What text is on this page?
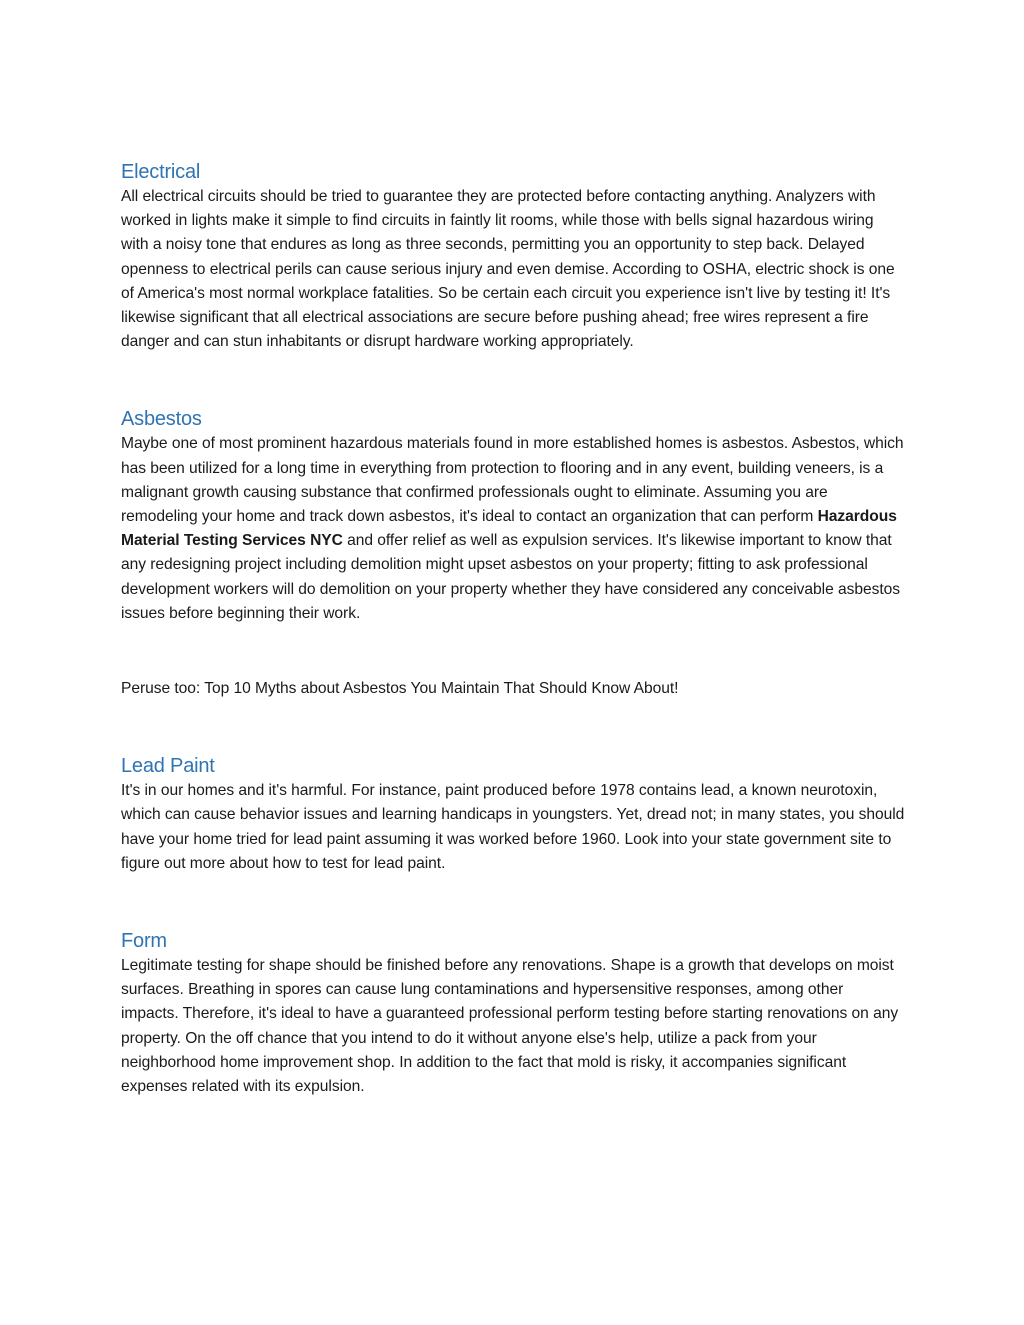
Electrical

All electrical circuits should be tried to guarantee they are protected before contacting anything. Analyzers with worked in lights make it simple to find circuits in faintly lit rooms, while those with bells signal hazardous wiring with a noisy tone that endures as long as three seconds, permitting you an opportunity to step back. Delayed openness to electrical perils can cause serious injury and even demise. According to OSHA, electric shock is one of America's most normal workplace fatalities. So be certain each circuit you experience isn't live by testing it! It's likewise significant that all electrical associations are secure before pushing ahead; free wires represent a fire danger and can stun inhabitants or disrupt hardware working appropriately.

Asbestos

Maybe one of most prominent hazardous materials found in more established homes is asbestos. Asbestos, which has been utilized for a long time in everything from protection to flooring and in any event, building veneers, is a malignant growth causing substance that confirmed professionals ought to eliminate. Assuming you are remodeling your home and track down asbestos, it's ideal to contact an organization that can perform Hazardous Material Testing Services NYC and offer relief as well as expulsion services. It's likewise important to know that any redesigning project including demolition might upset asbestos on your property; fitting to ask professional development workers will do demolition on your property whether they have considered any conceivable asbestos issues before beginning their work.

Peruse too: Top 10 Myths about Asbestos You Maintain That Should Know About!

Lead Paint

It's in our homes and it's harmful. For instance, paint produced before 1978 contains lead, a known neurotoxin, which can cause behavior issues and learning handicaps in youngsters. Yet, dread not; in many states, you should have your home tried for lead paint assuming it was worked before 1960. Look into your state government site to figure out more about how to test for lead paint.

Form

Legitimate testing for shape should be finished before any renovations. Shape is a growth that develops on moist surfaces. Breathing in spores can cause lung contaminations and hypersensitive responses, among other impacts. Therefore, it's ideal to have a guaranteed professional perform testing before starting renovations on any property. On the off chance that you intend to do it without anyone else's help, utilize a pack from your neighborhood home improvement shop. In addition to the fact that mold is risky, it accompanies significant expenses related with its expulsion.
